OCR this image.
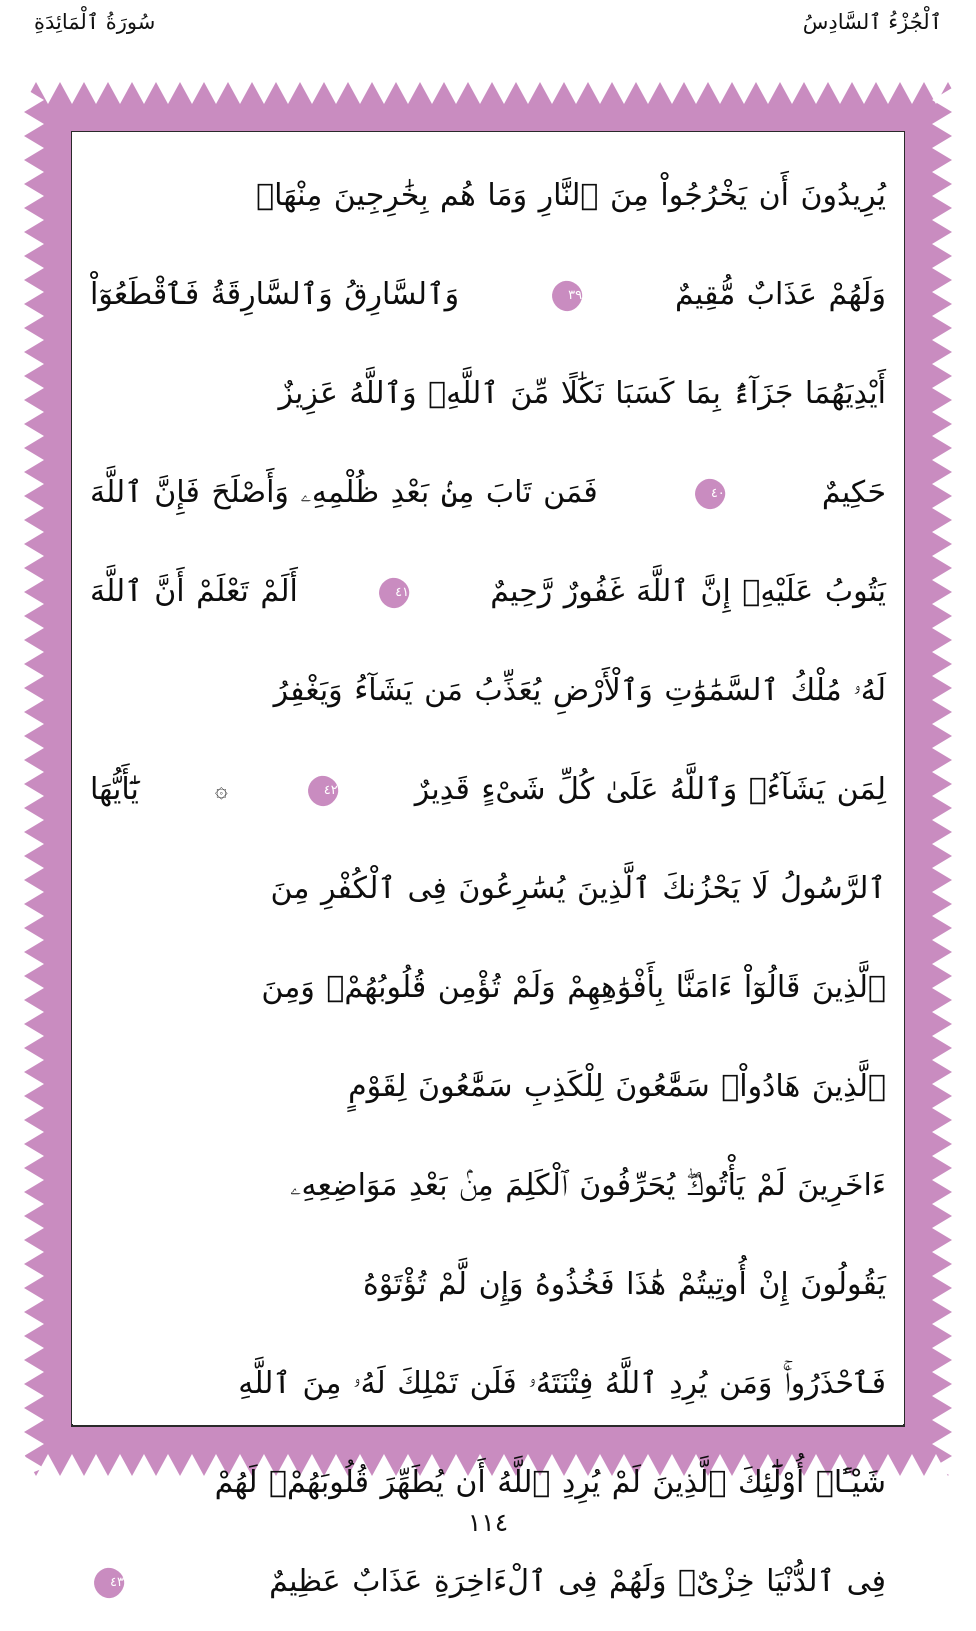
ٱلْجُزْءُ ٱلسَّادِسُ
سُورَةُ ٱلْمَائِدَةِ
يُرِيدُونَ أَن يَخْرُجُواْ مِنَ ٱلنَّارِ وَمَا هُم بِخَٰرِجِينَ مِنْهَاۖ
وَلَهُمْ عَذَابٌ مُّقِيمٌ
٣٩
وَٱلسَّارِقُ وَٱلسَّارِقَةُ فَٱقْطَعُوٓاْ
أَيْدِيَهُمَا جَزَآءًۢ بِمَا كَسَبَا نَكَٰلًا مِّنَ ٱللَّهِۗ وَٱللَّهُ عَزِيزٌ
حَكِيمٌ
٤٠
فَمَن تَابَ مِنۢ بَعْدِ ظُلْمِهِۦ وَأَصْلَحَ فَإِنَّ ٱللَّهَ
يَتُوبُ عَلَيْهِۚ إِنَّ ٱللَّهَ غَفُورٌ رَّحِيمٌ
٤١
أَلَمْ تَعْلَمْ أَنَّ ٱللَّهَ
لَهُۥ مُلْكُ ٱلسَّمَٰوَٰتِ وَٱلْأَرْضِ يُعَذِّبُ مَن يَشَآءُ وَيَغْفِرُ
لِمَن يَشَآءُۗ وَٱللَّهُ عَلَىٰ كُلِّ شَىْءٍ قَدِيرٌ
٤٢
۞ يَٰٓأَيُّهَا
ٱلرَّسُولُ لَا يَحْزُنكَ ٱلَّذِينَ يُسَٰرِعُونَ فِى ٱلْكُفْرِ مِنَ
ٱلَّذِينَ قَالُوٓاْ ءَامَنَّا بِأَفْوَٰهِهِمْ وَلَمْ تُؤْمِن قُلُوبُهُمْۛ وَمِنَ
ٱلَّذِينَ هَادُواْۛ سَمَّٰعُونَ لِلْكَذِبِ سَمَّٰعُونَ لِقَوْمٍ
ءَاخَرِينَ لَمْ يَأْتُوكَۖ يُحَرِّفُونَ ٱلْكَلِمَ مِنۢ بَعْدِ مَوَاضِعِهِۦ
يَقُولُونَ إِنْ أُوتِيتُمْ هَٰذَا فَخُذُوهُ وَإِن لَّمْ تُؤْتَوْهُ
فَٱحْذَرُواْۚ وَمَن يُرِدِ ٱللَّهُ فِتْنَتَهُۥ فَلَن تَمْلِكَ لَهُۥ مِنَ ٱللَّهِ
شَيْـًٔاۚ أُوْلَٰٓئِكَ ٱلَّذِينَ لَمْ يُرِدِ ٱللَّهُ أَن يُطَهِّرَ قُلُوبَهُمْۚ لَهُمْ
فِى ٱلدُّنْيَا خِزْىٌۖ وَلَهُمْ فِى ٱلْءَاخِرَةِ عَذَابٌ عَظِيمٌ
٤٣
١١٤
